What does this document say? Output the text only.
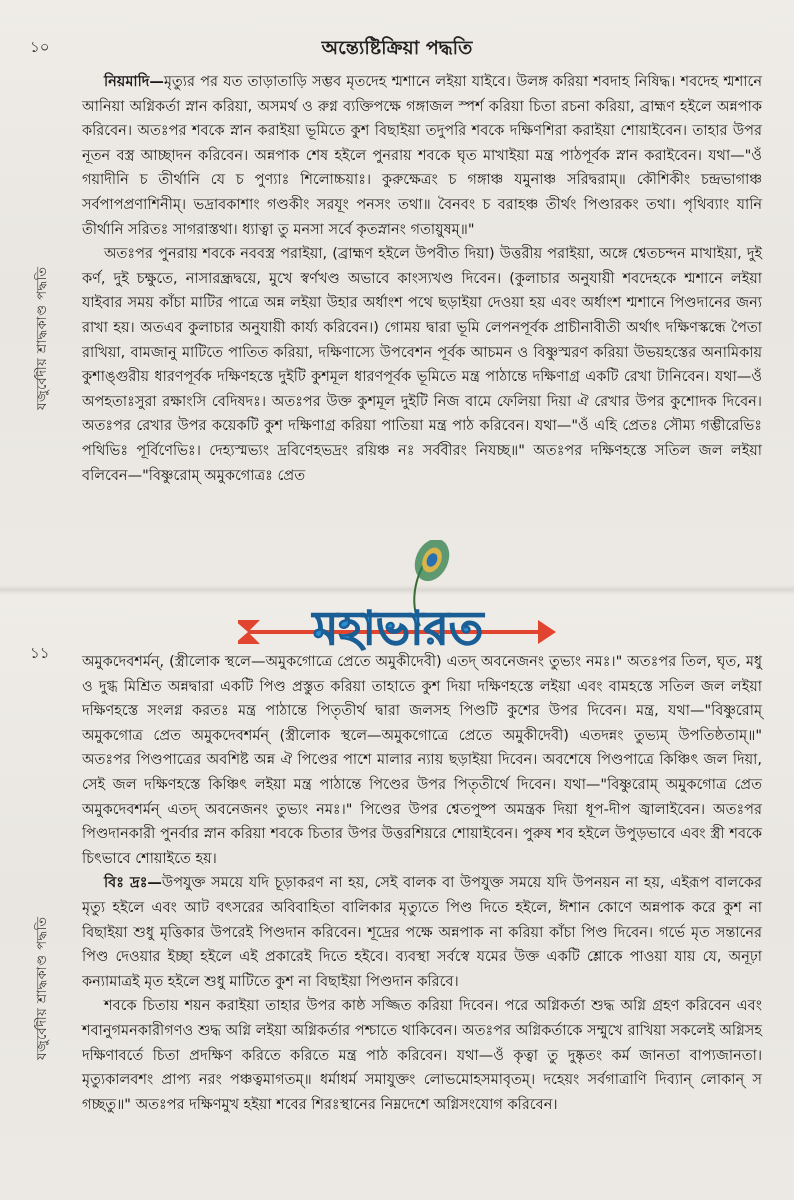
১০
যজুর্বেদীয় শ্রাদ্ধকাণ্ড পদ্ধতি
অন্ত্যেষ্টিক্রিয়া পদ্ধতি

নিয়মাদি—মৃত্যুর পর যত তাড়াতাড়ি সম্ভব মৃতদেহ শ্মশানে লইয়া যাইবে। উলঙ্গ করিয়া শবদাহ নিষিদ্ধ। শবদেহ শ্মশানে আনিয়া অগ্নিকর্তা স্নান করিয়া, অসমর্থ ও রুগ্ন ব্যক্তিপক্ষে গঙ্গাজল স্পর্শ করিয়া চিতা রচনা করিয়া, ব্রাহ্মণ হইলে অন্নপাক করিবেন। অতঃপর শবকে স্নান করাইয়া ভূমিতে কুশ বিছাইয়া তদুপরি শবকে দক্ষিণশিরা করাইয়া শোয়াইবেন। তাহার উপর নূতন বস্ত্র আচ্ছাদন করিবেন। অন্নপাক শেষ হইলে পুনরায় শবকে ঘৃত মাখাইয়া মন্ত্র পাঠপূর্বক স্নান করাইবেন। যথা—"ওঁ গয়াদীনি চ তীর্থানি যে চ পুণ্যাঃ শিলোচ্চয়াঃ। কুরুক্ষেত্রং চ গঙ্গাঞ্চ যমুনাঞ্চ সরিদ্বরাম্॥ কৌশিকীং চন্দ্রভাগাঞ্চ সর্বপাপপ্রণাশিনীম্। ভদ্রাবকাশাং গণ্ডকীং সরযূং পনসং তথা॥ বৈনবং চ বরাহঞ্চ তীর্থং পিণ্ডারকং তথা। পৃথিব্যাং যানি তীর্থানি সরিতঃ সাগরাস্তথা। ধ্যাত্বা তু মনসা সর্বে কৃতস্নানং গতায়ুষম্॥"

অতঃপর পুনরায় শবকে নববস্ত্র পরাইয়া, (ব্রাহ্মণ হইলে উপবীত দিয়া) উত্তরীয় পরাইয়া, অঙ্গে শ্বেতচন্দন মাখাইয়া, দুই কর্ণ, দুই চক্ষুতে, নাসারন্ধ্রদ্বয়ে, মুখে স্বর্ণখণ্ড অভাবে কাংস্যখণ্ড দিবেন। (কুলাচার অনুযায়ী শবদেহকে শ্মশানে লইয়া যাইবার সময় কাঁচা মাটির পাত্রে অন্ন লইয়া উহার অর্ধাংশ পথে ছড়াইয়া দেওয়া হয় এবং অর্ধাংশ শ্মশানে পিণ্ডদানের জন্য রাখা হয়। অতএব কুলাচার অনুযায়ী কার্য্য করিবেন।) গোময় দ্বারা ভূমি লেপনপূর্বক প্রাচীনাবীতী অর্থাৎ দক্ষিণস্কন্ধে পৈতা রাখিয়া, বামজানু মাটিতে পাতিত করিয়া, দক্ষিণাস্যে উপবেশন পূর্বক আচমন ও বিষ্ণুস্মরণ করিয়া উভয়হস্তের অনামিকায় কুশাঙ্গুরীয় ধারণপূর্বক দক্ষিণহস্তে দুইটি কুশমূল ধারণপূর্বক ভূমিতে মন্ত্র পাঠান্তে দক্ষিণাগ্র একটি রেখা টানিবেন। যথা—ওঁ অপহতাঃসুরা রক্ষাংসি বেদিষদঃ। অতঃপর উক্ত কুশমূল দুইটি নিজ বামে ফেলিয়া দিয়া ঐ রেখার উপর কুশোদক দিবেন। অতঃপর রেখার উপর কয়েকটি কুশ দক্ষিণাগ্র করিয়া পাতিয়া মন্ত্র পাঠ করিবেন। যথা—"ওঁ এহি প্রেতঃ সৌম্য গম্ভীরেভিঃ পথিভিঃ পূর্বিণেভিঃ। দেহ্যস্মভ্যং দ্রবিণেহভদ্রং রয়িঞ্চ নঃ সর্ববীরং নিযচ্ছ॥" অতঃপর দক্ষিণহস্তে সতিল জল লইয়া বলিবেন—"বিষ্ণুরোম্ অমুকগোত্রঃ প্রেত

মহাভারত
১১
যজুর্বেদীয় শ্রাদ্ধকাণ্ড পদ্ধতি

অমুকদেবশর্মন্, (স্ত্রীলোক স্থলে—অমুকগোত্রে প্রেতে অমুকীদেবী) এতদ্ অবনেজনং তুভ্যং নমঃ।" অতঃপর তিল, ঘৃত, মধু ও দুগ্ধ মিশ্রিত অন্নদ্বারা একটি পিণ্ড প্রস্তুত করিয়া তাহাতে কুশ দিয়া দক্ষিণহস্তে লইয়া এবং বামহস্তে সতিল জল লইয়া দক্ষিণহস্তে সংলগ্ন করতঃ মন্ত্র পাঠান্তে পিতৃতীর্থ দ্বারা জলসহ পিণ্ডটি কুশের উপর দিবেন। মন্ত্র, যথা—"বিষ্ণুরোম্ অমুকগোত্র প্রেত অমুকদেবশর্মন্ (স্ত্রীলোক স্থলে—অমুকগোত্রে প্রেতে অমুকীদেবী) এতদন্নং তুভ্যম্ উপতিষ্ঠতাম্॥" অতঃপর পিণ্ডপাত্রের অবশিষ্ট অন্ন ঐ পিণ্ডের পাশে মালার ন্যায় ছড়াইয়া দিবেন। অবশেষে পিণ্ডপাত্রে কিঞ্চিৎ জল দিয়া, সেই জল দক্ষিণহস্তে কিঞ্চিৎ লইয়া মন্ত্র পাঠান্তে পিণ্ডের উপর পিতৃতীর্থে দিবেন। যথা—"বিষ্ণুরোম্ অমুকগোত্র প্রেত অমুকদেবশর্মন্ এতদ্ অবনেজনং তুভ্যং নমঃ।" পিণ্ডের উপর শ্বেতপুষ্প অমন্ত্রক দিয়া ধূপ-দীপ জ্বালাইবেন। অতঃপর পিণ্ডদানকারী পুনর্বার স্নান করিয়া শবকে চিতার উপর উত্তরশিয়রে শোয়াইবেন। পুরুষ শব হইলে উপুড়ভাবে এবং স্ত্রী শবকে চিৎভাবে শোয়াইতে হয়।

বিঃ দ্রঃ—উপযুক্ত সময়ে যদি চূড়াকরণ না হয়, সেই বালক বা উপযুক্ত সময়ে যদি উপনয়ন না হয়, এইরূপ বালকের মৃত্যু হইলে এবং আট বৎসরের অবিবাহিতা বালিকার মৃত্যুতে পিণ্ড দিতে হইলে, ঈশান কোণে অন্নপাক করে কুশ না বিছাইয়া শুধু মৃত্তিকার উপরেই পিণ্ডদান করিবেন। শূদ্রের পক্ষে অন্নপাক না করিয়া কাঁচা পিণ্ড দিবেন। গর্ভে মৃত সন্তানের পিণ্ড দেওয়ার ইচ্ছা হইলে এই প্রকারেই দিতে হইবে। ব্যবস্থা সর্বস্বে যমের উক্ত একটি শ্লোকে পাওয়া যায় যে, অনূঢ়া কন্যামাত্রই মৃত হইলে শুধু মাটিতে কুশ না বিছাইয়া পিণ্ডদান করিবে।

শবকে চিতায় শয়ন করাইয়া তাহার উপর কাষ্ঠ সজ্জিত করিয়া দিবেন। পরে অগ্নিকর্তা শুদ্ধ অগ্নি গ্রহণ করিবেন এবং শবানুগমনকারীগণও শুদ্ধ অগ্নি লইয়া অগ্নিকর্তার পশ্চাতে থাকিবেন। অতঃপর অগ্নিকর্তাকে সম্মুখে রাখিয়া সকলেই অগ্নিসহ দক্ষিণাবর্তে চিতা প্রদক্ষিণ করিতে করিতে মন্ত্র পাঠ করিবেন। যথা—ওঁ কৃত্বা তু দুষ্কৃতং কর্ম জানতা বাপ্যজানতা। মৃত্যুকালবশং প্রাপ্য নরং পঞ্চত্বমাগতম্॥ ধর্মাধর্ম সমাযুক্তং লোভমোহসমাবৃতম্। দহেয়ং সর্বগাত্রাণি দিব্যান্ লোকান্ স গচ্ছতু॥" অতঃপর দক্ষিণমুখ হইয়া শবের শিরঃস্থানের নিম্নদেশে অগ্নিসংযোগ করিবেন।
